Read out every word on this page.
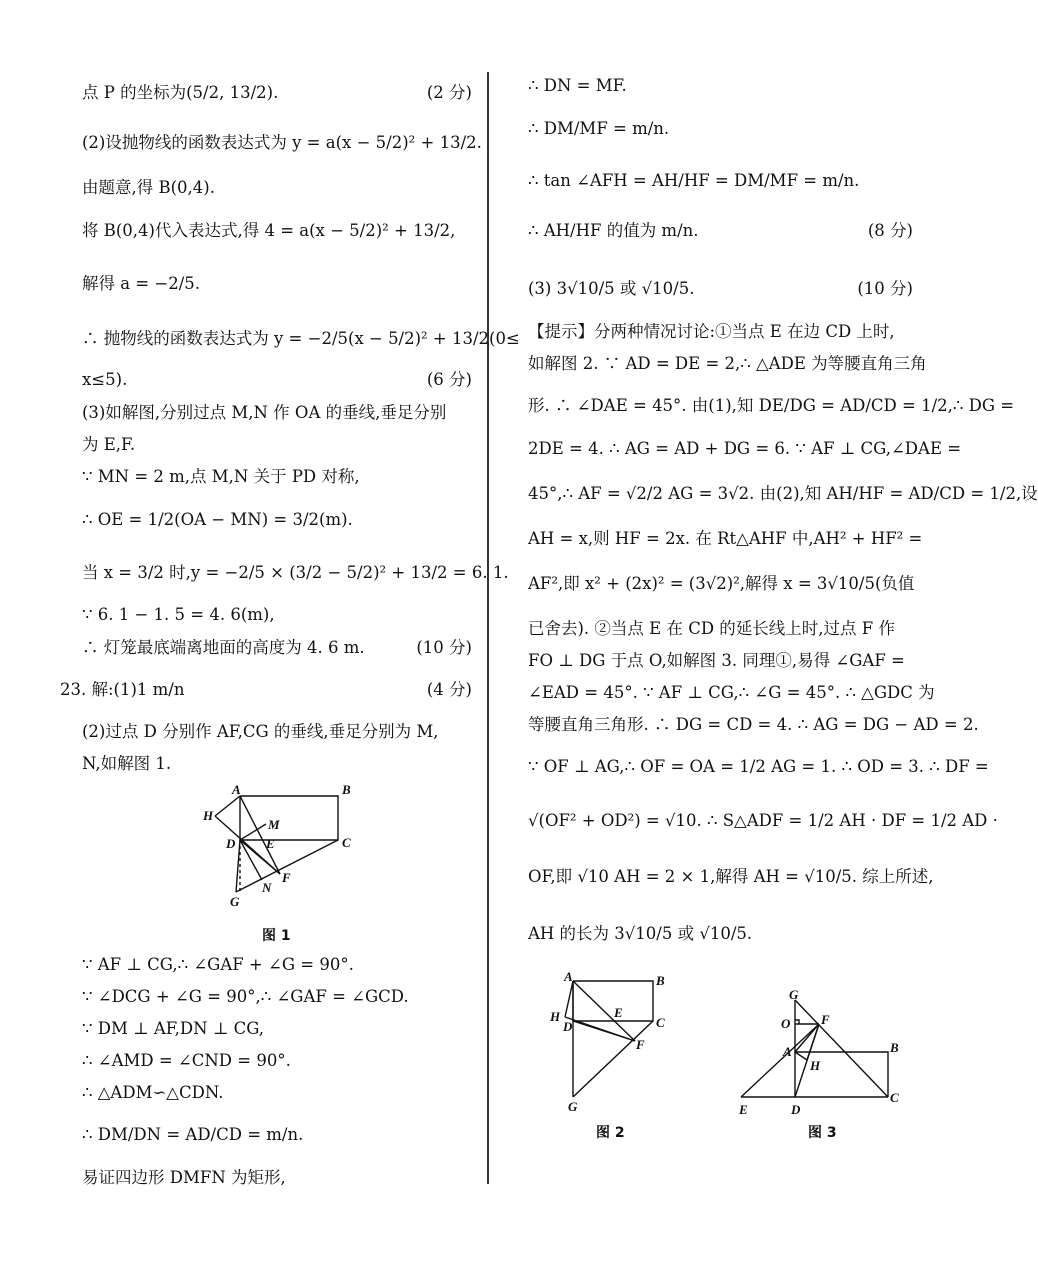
点 P 的坐标为(5/2, 13/2).	(2 分)
(2)设抛物线的函数表达式为 y = a(x − 5/2)² + 13/2.
由题意,得 B(0,4).
将 B(0,4)代入表达式,得 4 = a(x − 5/2)² + 13/2,
解得 a = −2/5.
∴ 抛物线的函数表达式为 y = −2/5(x − 5/2)² + 13/2(0≤
x≤5).	(6 分)
(3)如解图,分别过点 M,N 作 OA 的垂线,垂足分别
为 E,F.
∵ MN = 2 m,点 M,N 关于 PD 对称,
∴ OE = 1/2(OA − MN) = 3/2(m).
当 x = 3/2 时,y = −2/5 × (3/2 − 5/2)² + 13/2 = 6. 1.
∵ 6. 1 − 1. 5 = 4. 6(m),
∴ 灯笼最底端离地面的高度为 4. 6 m.	(10 分)
23. 解:(1)1 m/n	(4 分)
(2)过点 D 分别作 AF,CG 的垂线,垂足分别为 M,
N,如解图 1.
A	B
C
D E
F
G
H
M
N
图 1
∵ AF ⊥ CG,∴ ∠GAF + ∠G = 90°.
∵ ∠DCG + ∠G = 90°,∴ ∠GAF = ∠GCD.
∵ DM ⊥ AF,DN ⊥ CG,
∴ ∠AMD = ∠CND = 90°.
∴ △ADM∽△CDN.
∴ DM/DN = AD/CD = m/n.
易证四边形 DMFN 为矩形,
∴ DN = MF.
∴ DM/MF = m/n.
∴ tan ∠AFH = AH/HF = DM/MF = m/n.
∴ AH/HF 的值为 m/n.	(8 分)
(3) 3√10/5 或 √10/5.	(10 分)
【提示】分两种情况讨论:①当点 E 在边 CD 上时,
如解图 2. ∵ AD = DE = 2,∴ △ADE 为等腰直角三角
形. ∴ ∠DAE = 45°. 由(1),知 DE/DG = AD/CD = 1/2,∴ DG =
2DE = 4. ∴ AG = AD + DG = 6. ∵ AF ⊥ CG,∠DAE =
45°,∴ AF = √2/2 AG = 3√2. 由(2),知 AH/HF = AD/CD = 1/2,设
AH = x,则 HF = 2x. 在 Rt△AHF 中,AH² + HF² =
AF²,即 x² + (2x)² = (3√2)²,解得 x = 3√10/5(负值
已舍去). ②当点 E 在 CD 的延长线上时,过点 F 作
FO ⊥ DG 于点 O,如解图 3. 同理①,易得 ∠GAF =
∠EAD = 45°. ∵ AF ⊥ CG,∴ ∠G = 45°. ∴ △GDC 为
等腰直角三角形. ∴ DG = CD = 4. ∴ AG = DG − AD = 2.
∵ OF ⊥ AG,∴ OF = OA = 1/2 AG = 1. ∴ OD = 3. ∴ DF =
√(OF² + OD²) = √10. ∴ S△ADF = 1/2 AH · DF = 1/2 AD ·
OF,即 √10 AH = 2 × 1,解得 AH = √10/5. 综上所述,
AH 的长为 3√10/5 或 √10/5.
A	B
C
D
E
F
G
H
图 2
G
O F
A
H
B
C
D
E
图 3
